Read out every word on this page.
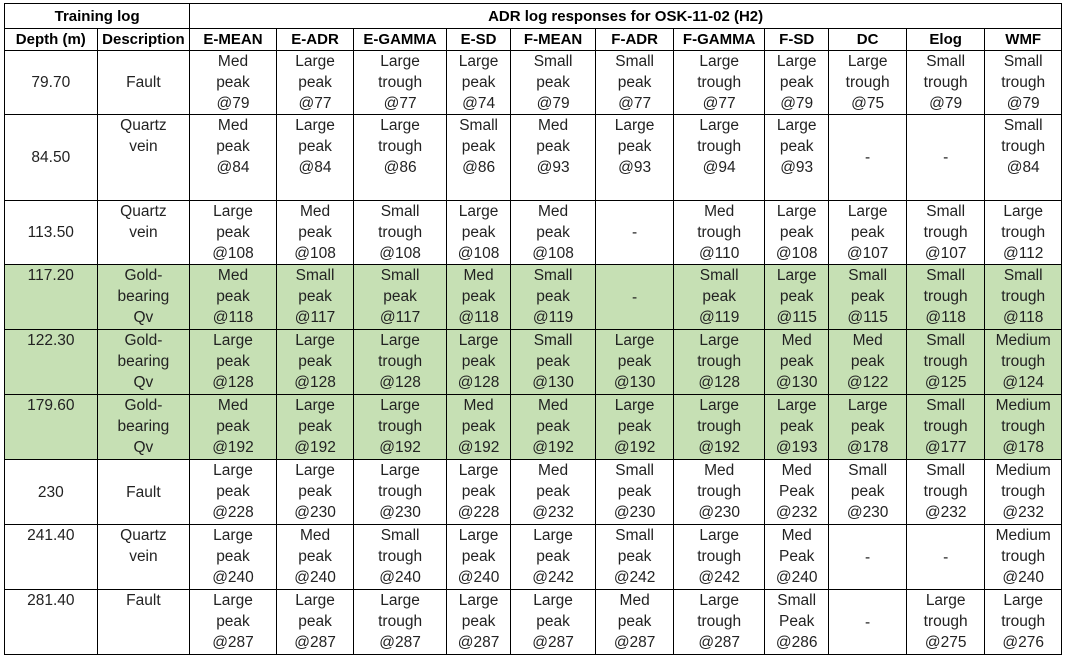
Training log		ADR log responses for OSK-11-02 (H2)										
Depth (m)	Description	E-MEAN	E-ADR	E-GAMMA	E-SD	F-MEAN	F-ADR	F-GAMMA	F-SD	DC	Elog	WMF

79.70	Fault	Med
peak
@79	Large
peak
@77	Large
trough
@77	Large
peak
@74	Small
peak
@79	Small
peak
@77	Large
trough
@77	Large
peak
@79	Large
trough
@75	Small
trough
@79	Small
trough
@79

84.50	Quartz
vein	Med
peak
@84	Large
peak
@84	Large
trough
@86	Small
peak
@86	Med
peak
@93	Large
peak
@93	Large
trough
@94	Large
peak
@93	-	-	Small
trough
@84

113.50	Quartz
vein	Large
peak
@108	Med
peak
@108	Small
trough
@108	Large
peak
@108	Med
peak
@108	-	Med
trough
@110	Large
peak
@108	Large
peak
@107	Small
trough
@107	Large
trough
@112

117.20	Gold-
bearing
Qv	Med
peak
@118	Small
peak
@117	Small
peak
@117	Med
peak
@118	Small
peak
@119	-	Small
peak
@119	Large
peak
@115	Small
peak
@115	Small
trough
@118	Small
trough
@118

122.30	Gold-
bearing
Qv	Large
peak
@128	Large
peak
@128	Large
trough
@128	Large
peak
@128	Small
peak
@130	Large
peak
@130	Large
trough
@128	Med
peak
@130	Med
peak
@122	Small
trough
@125	Medium
trough
@124

179.60	Gold-
bearing
Qv	Med
peak
@192	Large
peak
@192	Large
trough
@192	Med
peak
@192	Med
peak
@192	Large
peak
@192	Large
trough
@192	Large
peak
@193	Large
peak
@178	Small
trough
@177	Medium
trough
@178

230	Fault	Large
peak
@228	Large
peak
@230	Large
trough
@230	Large
peak
@228	Med
peak
@232	Small
peak
@230	Med
trough
@230	Med
Peak
@232	Small
peak
@230	Small
trough
@232	Medium
trough
@232

241.40	Quartz
vein	Large
peak
@240	Med
peak
@240	Small
trough
@240	Large
peak
@240	Large
peak
@242	Small
peak
@242	Large
trough
@242	Med
Peak
@240	-	-	Medium
trough
@240

281.40	Fault	Large
peak
@287	Large
peak
@287	Large
trough
@287	Large
peak
@287	Large
peak
@287	Med
peak
@287	Large
trough
@287	Small
Peak
@286	-	Large
trough
@275	Large
trough
@276
